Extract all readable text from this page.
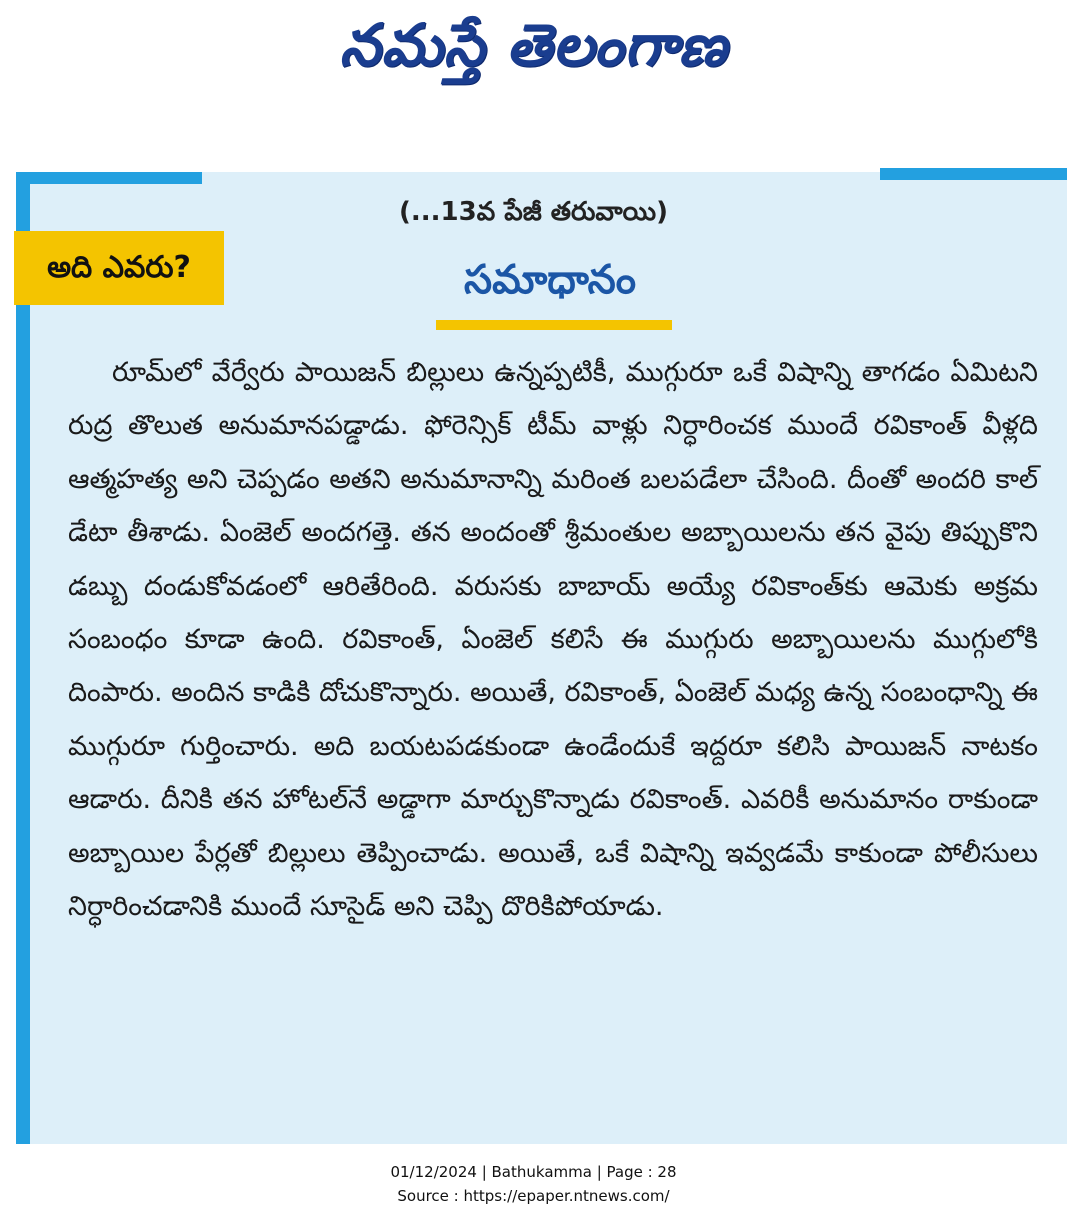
నమస్తే తెలంగాణ
(...13వ పేజీ తరువాయి)
అది ఎవరు?	సమాధానం

రూమ్‌లో వేర్వేరు పాయిజన్ బిల్లులు ఉన్నప్పటికీ, ముగ్గురూ ఒకే విషాన్ని తాగడం ఏమిటని రుద్ర తొలుత అనుమానపడ్డాడు. ఫోరెన్సిక్ టీమ్ వాళ్లు నిర్ధారించక ముందే రవికాంత్ వీళ్లది ఆత్మహత్య అని చెప్పడం అతని అనుమానాన్ని మరింత బలపడేలా చేసింది. దీంతో అందరి కాల్ డేటా తీశాడు. ఏంజెల్ అందగత్తె. తన అందంతో శ్రీమంతుల అబ్బాయిలను తన వైపు తిప్పుకొని డబ్బు దండుకోవడంలో ఆరితేరింది. వరుసకు బాబాయ్ అయ్యే రవికాంత్‌కు ఆమెకు అక్రమ సంబంధం కూడా ఉంది. రవికాంత్, ఏంజెల్ కలిసే ఈ ముగ్గురు అబ్బాయిలను ముగ్గులోకి దింపారు. అందిన కాడికి దోచుకొన్నారు. అయితే, రవికాంత్, ఏంజెల్ మధ్య ఉన్న సంబంధాన్ని ఈ ముగ్గురూ గుర్తించారు. అది బయటపడకుండా ఉండేందుకే ఇద్దరూ కలిసి పాయిజన్ నాటకం ఆడారు. దీనికి తన హోటల్‌నే అడ్డాగా మార్చుకొన్నాడు రవికాంత్. ఎవరికీ అనుమానం రాకుండా అబ్బాయిల పేర్లతో బిల్లులు తెప్పించాడు. అయితే, ఒకే విషాన్ని ఇవ్వడమే కాకుండా పోలీసులు నిర్ధారించడానికి ముందే సూసైడ్ అని చెప్పి దొరికిపోయాడు.

01/12/2024 | Bathukamma | Page : 28
Source : https://epaper.ntnews.com/
